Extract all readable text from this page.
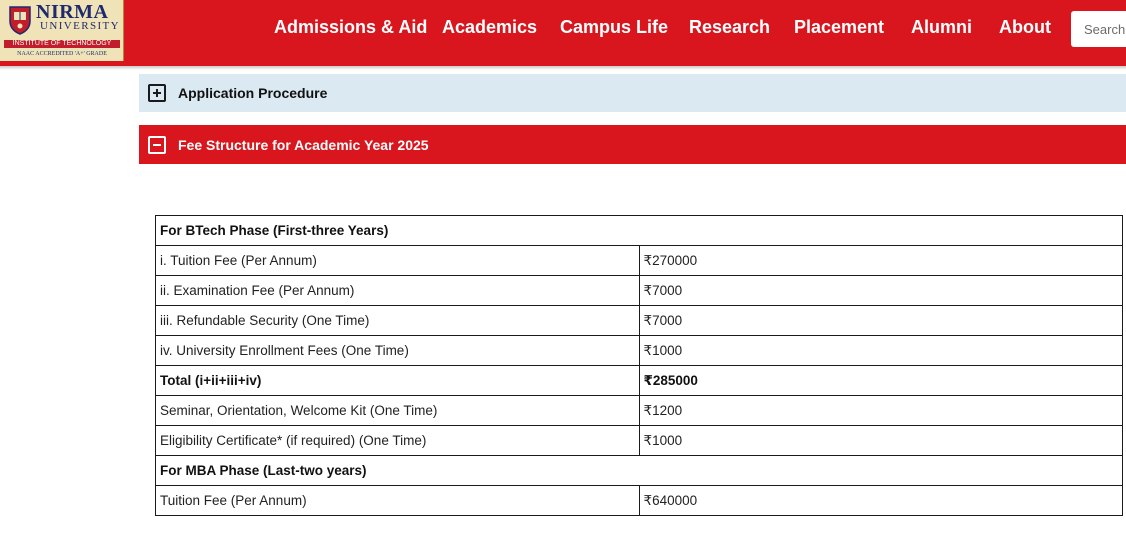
NIRMA
UNIVERSITY
INSTITUTE OF TECHNOLOGY
NAAC ACCREDITED 'A+' GRADE
Admissions & Aid Academics Campus Life Research Placement Alumni About
Search
Application Procedure
Fee Structure for Academic Year 2025
For BTech Phase (First-three Years)	
i. Tuition Fee (Per Annum)	₹270000
ii. Examination Fee (Per Annum)	₹7000
iii. Refundable Security (One Time)	₹7000
iv. University Enrollment Fees (One Time)	₹1000
Total (i+ii+iii+iv)	₹285000
Seminar, Orientation, Welcome Kit (One Time)	₹1200
Eligibility Certificate* (if required) (One Time)	₹1000
For MBA Phase (Last-two years)	
Tuition Fee (Per Annum)	₹640000
